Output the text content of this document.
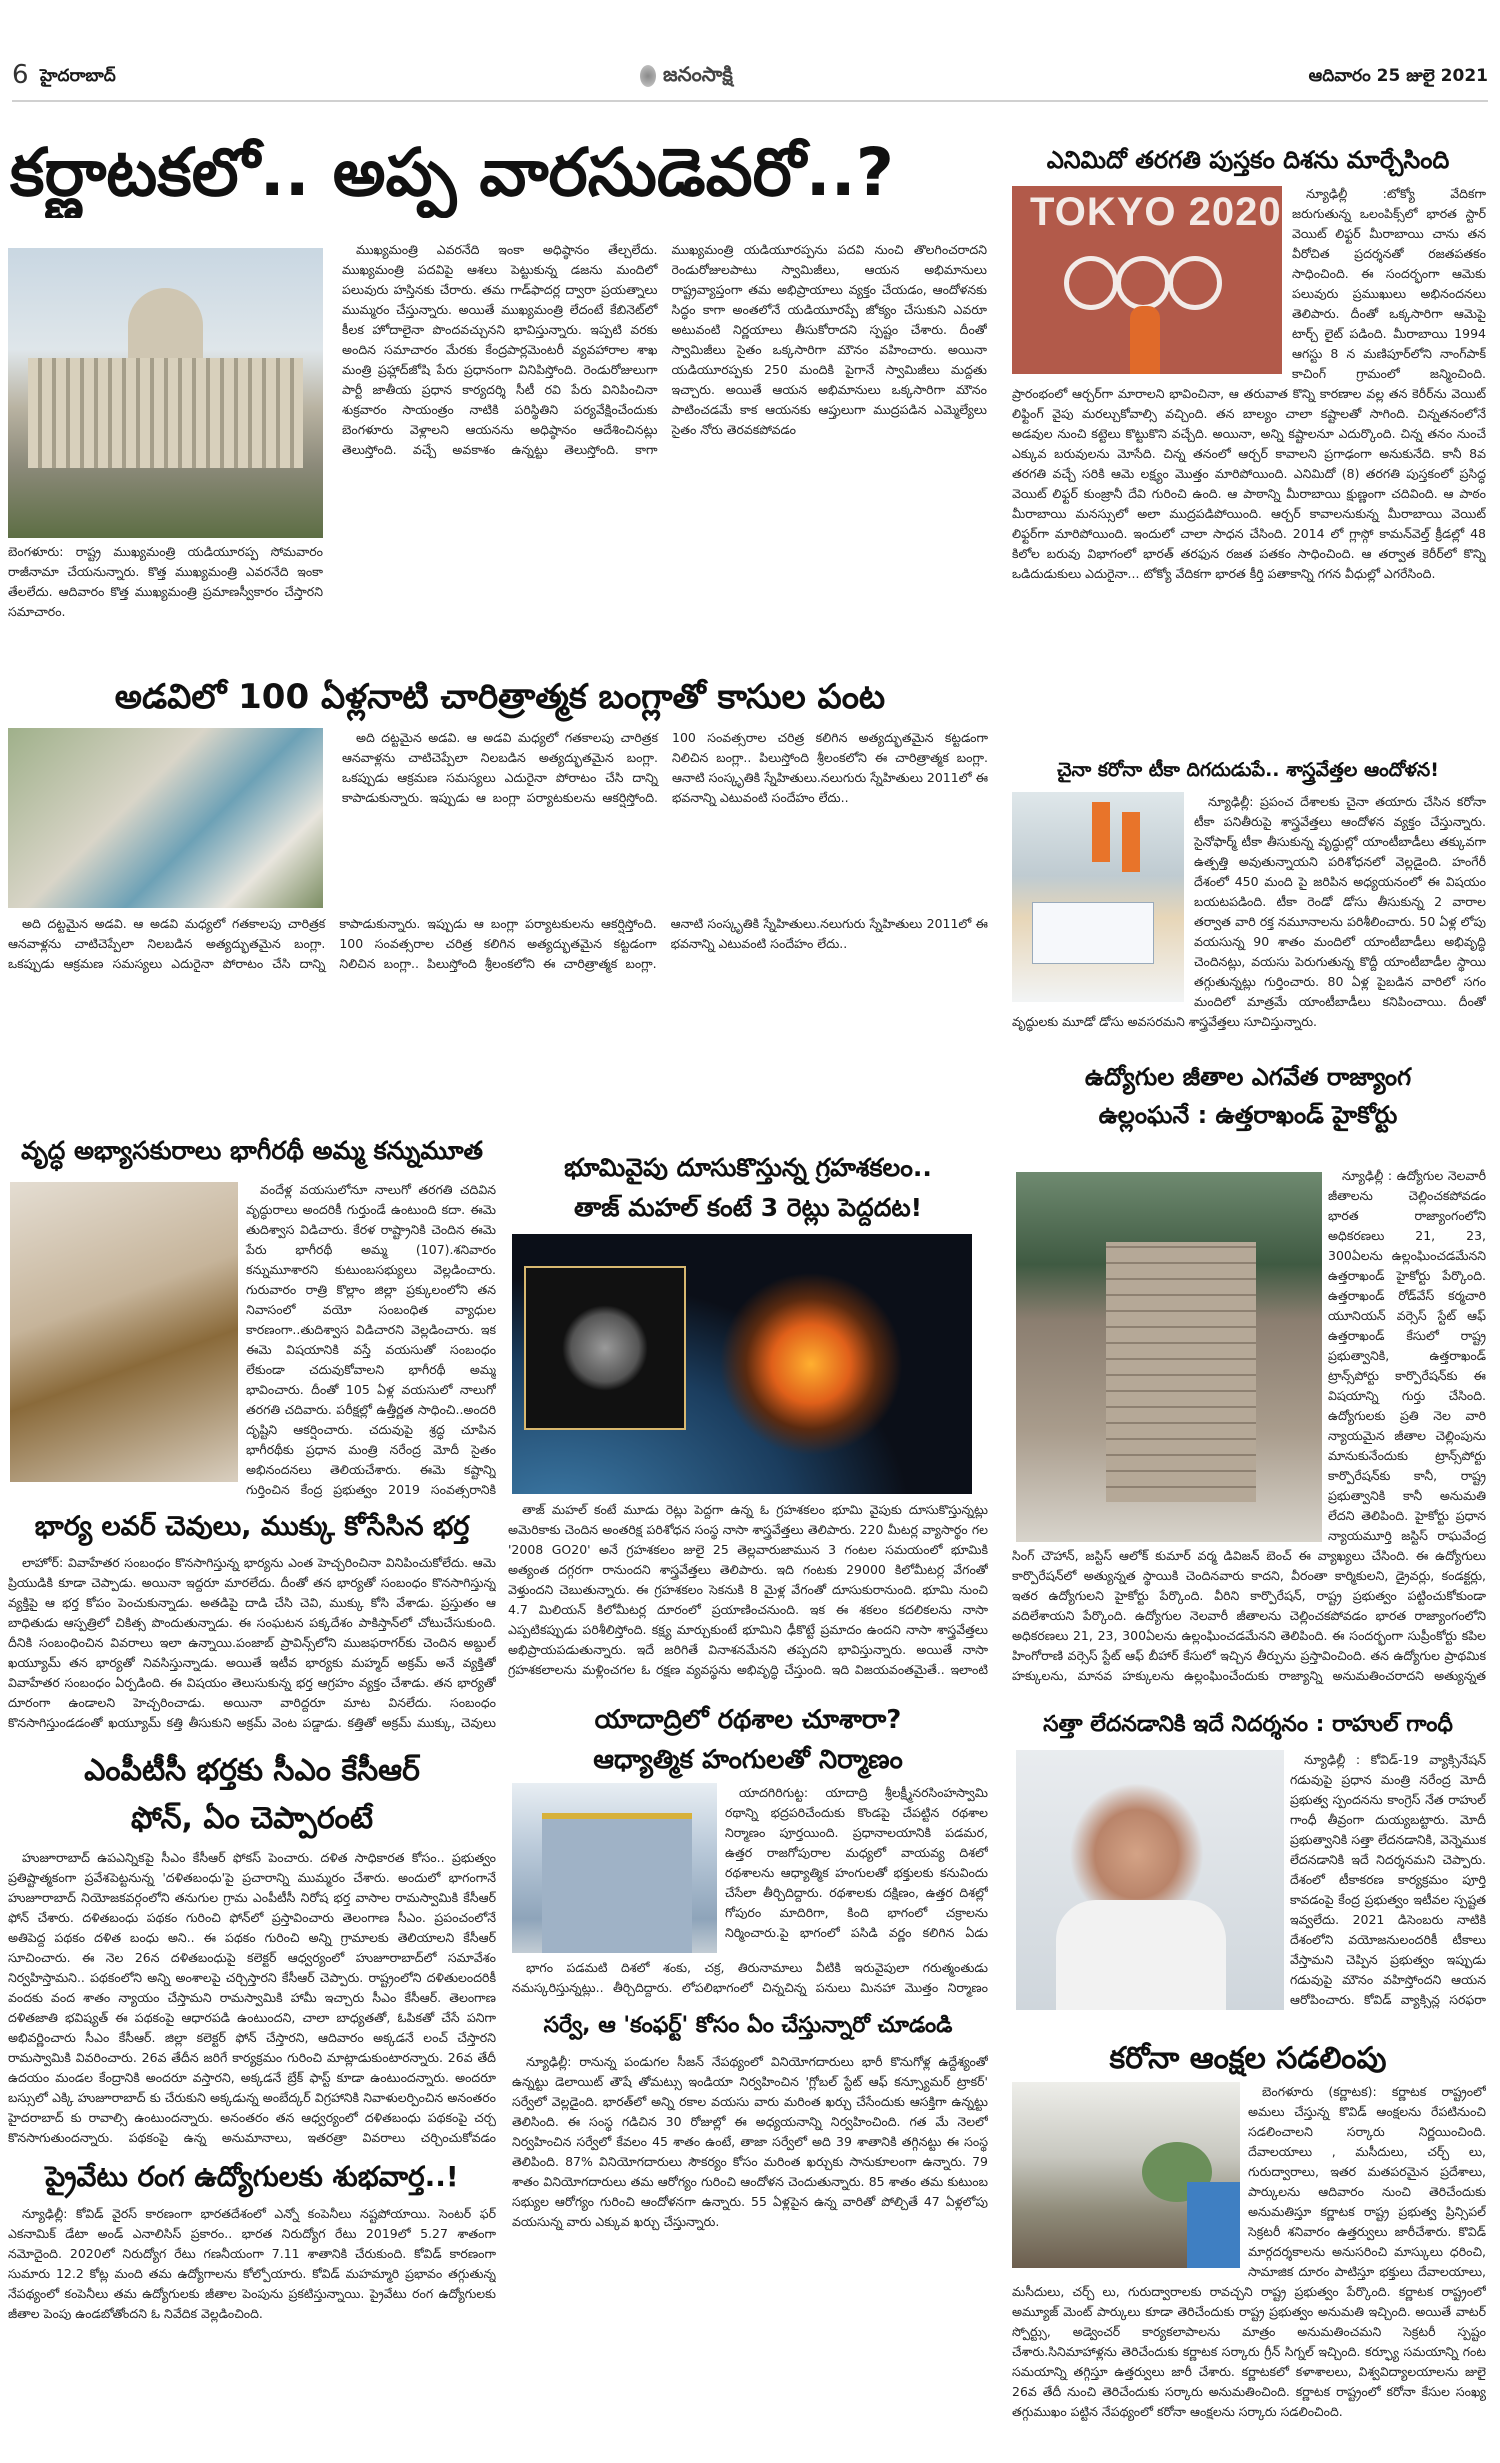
6 హైదరాబాద్	జనంసాక్షి	ఆదివారం 25 జులై 2021
కర్ణాటకలో.. అప్ప వారసుడెవరో..?
బెంగళూరు: రాష్ట్ర ముఖ్యమంత్రి యడియూరప్ప సోమవారం రాజీనామా చేయనున్నారు. కొత్త ముఖ్యమంత్రి ఎవరనేది ఇంకా తేలలేదు. ఆదివారం కొత్త ముఖ్యమంత్రి ప్రమాణస్వీకారం చేస్తారని సమాచారం.

ముఖ్యమంత్రి ఎవరనేది ఇంకా అధిష్ఠానం తేల్చలేదు. ముఖ్యమంత్రి పదవిపై ఆశలు పెట్టుకున్న డజను మందిలో పలువురు హస్తినకు చేరారు. తమ గాడ్‌ఫాదర్ల ద్వారా ప్రయత్నాలు ముమ్మరం చేస్తున్నారు. అయితే ముఖ్యమంత్రి లేదంటే కేబినెట్‌లో కీలక హోదాలైనా పొందవచ్చునని భావిస్తున్నారు. ఇప్పటి వరకు అందిన సమాచారం మేరకు కేంద్రపార్లమెంటరీ వ్యవహారాల శాఖ మంత్రి ప్రహ్లాద్‌జోషి పేరు ప్రధానంగా వినిపిస్తోంది. రెండురోజులుగా పార్టీ జాతీయ ప్రధాన కార్యదర్శి సీటీ రవి పేరు వినిపించినా శుక్రవారం సాయంత్రం నాటికి పరిస్థితిని పర్యవేక్షించేందుకు బెంగళూరు వెళ్లాలని ఆయనను అధిష్ఠానం ఆదేశించినట్లు తెలుస్తోంది. వచ్చే అవకాశం ఉన్నట్టు తెలుస్తోంది. కాగా ముఖ్యమంత్రి యడియూరప్పను పదవి నుంచి తొలగించరాదని రెండురోజులపాటు స్వామిజీలు, ఆయన అభిమానులు రాష్ట్రవ్యాప్తంగా తమ అభిప్రాయాలు వ్యక్తం చేయడం, ఆందోళనకు సిద్ధం కాగా అంతలోనే యడియూరప్పే జోక్యం చేసుకుని ఎవరూ అటువంటి నిర్ణయాలు తీసుకోరాదని స్పష్టం చేశారు. దీంతో స్వామిజీలు సైతం ఒక్కసారిగా మౌనం వహించారు. అయినా యడియూరప్పకు 250 మందికి పైగానే స్వామిజీలు మద్దతు ఇచ్చారు. అయితే ఆయన అభిమానులు ఒక్కసారిగా మౌనం పాటించడమే కాక ఆయనకు ఆప్తులుగా ముద్రపడిన ఎమ్మెల్యేలు సైతం నోరు తెరవకపోవడం

అడవిలో 100 ఏళ్లనాటి చారిత్రాత్మక బంగ్లాతో కాసుల పంట

అది దట్టమైన అడవి. ఆ అడవి మధ్యలో గతకాలపు చారిత్రక ఆనవాళ్లను చాటిచెప్పేలా నిలబడిన అత్యద్భుతమైన బంగ్లా. ఒకప్పుడు ఆక్రమణ సమస్యలు ఎదురైనా పోరాటం చేసి దాన్ని కాపాడుకున్నారు. ఇప్పుడు ఆ బంగ్లా పర్యాటకులను ఆకర్షిస్తోంది. 100 సంవత్సరాల చరిత్ర కలిగిన అత్యద్భుతమైన కట్టడంగా నిలిచిన బంగ్లా.. పిలుస్తోంది శ్రీలంకలోని ఈ చారిత్రాత్మక బంగ్లా. ఆనాటి సంస్కృతికి స్నేహితులు.నలుగురు స్నేహితులు 2011లో ఈ భవనాన్ని ఎటువంటి సందేహం లేదు..

అది దట్టమైన అడవి. ఆ అడవి మధ్యలో గతకాలపు చారిత్రక ఆనవాళ్లను చాటిచెప్పేలా నిలబడిన అత్యద్భుతమైన బంగ్లా. ఒకప్పుడు ఆక్రమణ సమస్యలు ఎదురైనా పోరాటం చేసి దాన్ని కాపాడుకున్నారు. ఇప్పుడు ఆ బంగ్లా పర్యాటకులను ఆకర్షిస్తోంది. 100 సంవత్సరాల చరిత్ర కలిగిన అత్యద్భుతమైన కట్టడంగా నిలిచిన బంగ్లా.. పిలుస్తోంది శ్రీలంకలోని ఈ చారిత్రాత్మక బంగ్లా. ఆనాటి సంస్కృతికి స్నేహితులు.నలుగురు స్నేహితులు 2011లో ఈ భవనాన్ని ఎటువంటి సందేహం లేదు..

వృద్ధ అభ్యాసకురాలు భాగీరథీ అమ్మ కన్నుమూత

వందేళ్ల వయసులోనూ నాలుగో తరగతి చదివిన వృద్ధురాలు అందరికీ గుర్తుండే ఉంటుంది కదా. ఈమె తుదిశ్వాస విడిచారు. కేరళ రాష్ట్రానికి చెందిన ఈమె పేరు భాగీరథీ అమ్మ (107).శనివారం కన్నుమూశారని కుటుంబసభ్యులు వెల్లడించారు. గురువారం రాత్రి కొల్లాం జిల్లా ప్రక్కులంలోని తన నివాసంలో వయో సంబంధిత వ్యాధుల కారణంగా..తుదిశ్వాస విడిచారని వెల్లడించారు. ఇక ఈమె విషయానికి వస్తే వయసుతో సంబంధం లేకుండా చదువుకోవాలని భాగీరథీ అమ్మ భావించారు. దీంతో 105 ఏళ్ల వయసులో నాలుగో తరగతి చదివారు. పరీక్షల్లో ఉత్తీర్ణత సాధించి..అందరి దృష్టిని ఆకర్షించారు. చదువుపై శ్రద్ధ చూపిన భాగీరథీకు ప్రధాన మంత్రి నరేంద్ర మోదీ సైతం అభినందనలు తెలియచేశారు. ఈమె కష్టాన్ని గుర్తించిన కేంద్ర ప్రభుత్వం 2019 సంవత్సరానికి

భార్య లవర్ చెవులు, ముక్కు కోసేసిన భర్త

లాహోర్: వివాహేతర సంబంధం కొనసాగిస్తున్న భార్యను ఎంత హెచ్చరించినా వినిపించుకోలేదు. ఆమె ప్రియుడికి కూడా చెప్పాడు. అయినా ఇద్దరూ మారలేదు. దీంతో తన భార్యతో సంబంధం కొనసాగిస్తున్న వ్యక్తిపై ఆ భర్త కోపం పెంచుకున్నాడు. అతడిపై దాడి చేసి చెవి, ముక్కు కోసి వేశాడు. ప్రస్తుతం ఆ బాధితుడు ఆస్పత్రిలో చికిత్స పొందుతున్నాడు. ఈ సంఘటన పక్కదేశం పాకిస్తాన్‌లో చోటుచేసుకుంది. దీనికి సంబంధించిన వివరాలు ఇలా ఉన్నాయి.పంజాబ్ ప్రావిన్స్‌లోని ముజఫరాగర్‌కు చెందిన అబ్దుల్ ఖయ్యూమ్ తన భార్యతో నివసిస్తున్నాడు. అయితే ఇటీవ భార్యకు మహ్మద్ అక్రమ్ అనే వ్యక్తితో వివాహేతర సంబంధం ఏర్పడింది. ఈ విషయం తెలుసుకున్న భర్త ఆగ్రహం వ్యక్తం చేశాడు. తన భార్యతో దూరంగా ఉండాలని హెచ్చరించాడు. అయినా వారిద్దరూ మాట వినలేదు. సంబంధం కొనసాగిస్తుండడంతో ఖయ్యూమ్ కత్తి తీసుకుని అక్రమ్ వెంట పడ్డాడు. కత్తితో అక్రమ్ ముక్కు, చెవులు

ఎంపీటీసీ భర్తకు సీఎం కేసీఆర్
ఫోన్, ఏం చెప్పారంటే

హుజూరాబాద్ ఉపఎన్నికపై సీఎం కేసీఆర్ ఫోకస్ పెంచారు. దళిత సాధికారత కోసం.. ప్రభుత్వం ప్రతిష్టాత్మకంగా ప్రవేశపెట్టనున్న 'దళితబంధు'పై ప్రచారాన్ని ముమ్మరం చేశారు. అందులో భాగంగానే హుజూరాబాద్ నియోజకవర్గంలోని తనుగుల గ్రామ ఎంపీటీసీ నిరోష భర్త వాసాల రామస్వామికి కేసీఆర్ ఫోన్ చేశారు. దళితబంధు పథకం గురించి ఫోన్‌లో ప్రస్తావించారు తెలంగాణ సీఎం. ప్రపంచంలోనే అతిపెద్ద పథకం దళిత బంధు అని.. ఈ పథకం గురించి అన్ని గ్రామాలకు తెలియాలని కేసీఆర్ సూచించారు. ఈ నెల 26న దళితబంధుపై కలెక్టర్ ఆధ్వర్యంలో హుజూరాబాద్‌లో సమావేశం నిర్వహిస్తామని.. పథకంలోని అన్ని అంశాలపై చర్చిస్తారని కేసీఆర్ చెప్పారు. రాష్ట్రంలోని దళితులందరికీ వందకు వంద శాతం న్యాయం చేస్తామని రామస్వామికి హామీ ఇచ్చారు సీఎం కేసీఆర్. తెలంగాణ దళితజాతి భవిష్యత్ ఈ పథకంపై ఆధారపడి ఉంటుందని, చాలా బాధ్యతతో, ఓపికతో చేసే పనిగా అభివర్ణించారు సీఎం కేసీఆర్. జిల్లా కలెక్టర్ ఫోన్ చేస్తారని, ఆదివారం అక్కడనే లంచ్ చేస్తారని రామస్వామికి వివరించారు. 26వ తేదీన జరిగే కార్యక్రమం గురించి మాట్లాడుకుంటారన్నారు. 26వ తేదీ ఉదయం మండల కేంద్రానికి అందరూ వస్తారని, అక్కడనే బ్రేక్ ఫాస్ట్ కూడా ఉంటుందన్నారు. అందరూ బస్సులో ఎక్కి హుజూరాబాద్ కు చేరుకుని అక్కడున్న అంబేద్కర్ విగ్రహానికి నివాళులర్పించిన అనంతరం హైదరాబాద్ కు రావాల్సి ఉంటుందన్నారు. అనంతరం తన ఆధ్వర్యంలో దళితబంధు పథకంపై చర్చ కొనసాగుతుందన్నారు. పథకంపై ఉన్న అనుమానాలు, ఇతరత్రా వివరాలు చర్చించుకోవడం

ప్రైవేటు రంగ ఉద్యోగులకు శుభవార్త..!

న్యూఢిల్లీ: కోవిడ్ వైరస్ కారణంగా భారతదేశంలో ఎన్నో కంపెనీలు నష్టపోయాయి. సెంటర్ ఫర్ ఎకనామిక్ డేటా అండ్ ఎనాలిసిస్ ప్రకారం.. భారత నిరుద్యోగ రేటు 2019లో 5.27 శాతంగా నమోదైంది. 2020లో నిరుద్యోగ రేటు గణనీయంగా 7.11 శాతానికి చేరుకుంది. కోవిడ్ కారణంగా సుమారు 12.2 కోట్ల మంది తమ ఉద్యోగాలను కోల్పోయారు. కోవిడ్ మహమ్మారి ప్రభావం తగ్గుతున్న నేపథ్యంలో కంపెనీలు తమ ఉద్యోగులకు జీతాల పెంపును ప్రకటిస్తున్నాయి. ప్రైవేటు రంగ ఉద్యోగులకు జీతాల పెంపు ఉండబోతోందని ఓ నివేదిక వెల్లడించింది.

భూమివైపు దూసుకొస్తున్న గ్రహశకలం..
తాజ్ మహల్ కంటే 3 రెట్లు పెద్దదట!

తాజ్ మహల్ కంటే మూడు రెట్లు పెద్దగా ఉన్న ఓ గ్రహశకలం భూమి వైపుకు దూసుకొస్తున్నట్లు అమెరికాకు చెందిన అంతరిక్ష పరిశోధన సంస్థ నాసా శాస్త్రవేత్తలు తెలిపారు. 220 మీటర్ల వ్యాసార్థం గల '2008 GO20' అనే గ్రహశకలం జులై 25 తెల్లవారుజామున 3 గంటల సమయంలో భూమికి అత్యంత దగ్గరగా రానుందని శాస్త్రవేత్తలు తెలిపారు. ఇది గంటకు 29000 కిలోమీటర్ల వేగంతో వెళ్తుందని చెబుతున్నారు. ఈ గ్రహశకలం సెకనుకి 8 మైళ్ల వేగంతో దూసుకురానుంది. భూమి నుంచి 4.7 మిలియన్ కిలోమీటర్ల దూరంలో ప్రయాణించనుంది. ఇక ఈ శకలం కదలికలను నాసా ఎప్పటికప్పుడు పరిశీలిస్తోంది. కక్ష్య మార్చుకుంటే భూమిని ఢీకొట్టే ప్రమాదం ఉందని నాసా శాస్త్రవేత్తలు అభిప్రాయపడుతున్నారు. ఇదే జరిగితే వినాశనమేనని తప్పదని భావిస్తున్నారు. అయితే నాసా గ్రహశకలాలను మళ్లించగల ఓ రక్షణ వ్యవస్థను అభివృద్ధి చేస్తుంది. ఇది విజయవంతమైతే.. ఇలాంటి

యాదాద్రిలో రథశాల చూశారా?
ఆధ్యాత్మిక హంగులతో నిర్మాణం

యాదగిరిగుట్ట: యాదాద్రి శ్రీలక్ష్మీనరసింహస్వామి రథాన్ని భద్రపరిచేందుకు కొండపై చేపట్టిన రథశాల నిర్మాణం పూర్తయింది. ప్రధానాలయానికి పడమర, ఉత్తర రాజగోపురాల మధ్యలో వాయవ్య దిశలో రథశాలను ఆధ్యాత్మిక హంగులతో భక్తులకు కనువిందు చేసేలా తీర్చిదిద్దారు. రథశాలకు దక్షిణం, ఉత్తర దిశల్లో గోపురం మాదిరిగా, కింది భాగంలో చక్రాలను నిర్మించారు.పై భాగంలో పసిడి వర్ణం కలిగిన ఏడు

భాగం పడమటి దిశలో శంకు, చక్ర, తిరునామాలు వీటికి ఇరువైపులా గరుత్మంతుడు నమస్కరిస్తున్నట్లు.. తీర్చిదిద్దారు. లోపలిభాగంలో చిన్నచిన్న పనులు మినహా మొత్తం నిర్మాణం

సర్వే, ఆ 'కంఫర్ట్' కోసం ఏం చేస్తున్నారో చూడండి

న్యూఢిల్లీ: రానున్న పండుగల సీజన్ నేపథ్యంలో వినియోగదారులు భారీ కొనుగోళ్ల ఉద్దేశ్యంతో ఉన్నట్టు డెలాయిట్ తౌషే తోమట్సు ఇండియా నిర్వహించిన 'గ్లోబల్ స్టేట్ ఆఫ్ కన్స్యూమర్ ట్రాకర్' సర్వేలో వెల్లడైంది. భారత్‌లో అన్ని రకాల వయసు వారు మరింత ఖర్చు చేసేందుకు ఆసక్తిగా ఉన్నట్టు తెలిసింది. ఈ సంస్థ గడిచిన 30 రోజుల్లో ఈ అధ్యయనాన్ని నిర్వహించింది. గత మే నెలలో నిర్వహించిన సర్వేలో కేవలం 45 శాతం ఉంటే, తాజా సర్వేలో అది 39 శాతానికి తగ్గినట్టు ఈ సంస్థ తెలిపింది. 87% వినియోగదారులు సౌకర్యం కోసం మరింత ఖర్చుకు సానుకూలంగా ఉన్నారు. 79 శాతం వినియోగదారులు తమ ఆరోగ్యం గురించి ఆందోళన చెందుతున్నారు. 85 శాతం తమ కుటుంబ సభ్యుల ఆరోగ్యం గురించి ఆందోళనగా ఉన్నారు. 55 ఏళ్లపైన ఉన్న వారితో పోల్చితే 47 ఏళ్లలోపు వయసున్న వారు ఎక్కువ ఖర్చు చేస్తున్నారు.

ఎనిమిదో తరగతి పుస్తకం దిశను మార్చేసింది
TOKYO 2020	న్యూఢిల్లీ :టోక్యో వేదికగా జరుగుతున్న ఒలంపిక్స్‌లో భారత స్టార్ వెయిట్ లిఫ్టర్ మీరాబాయి చాను తన వీరోచిత ప్రదర్శనతో రజతపతకం సాధించింది. ఈ సందర్భంగా ఆమెకు పలువురు ప్రముఖులు అభినందనలు తెలిపారు. దీంతో ఒక్కసారిగా ఆమెపై టార్చ్ లైట్ పడింది. మీరాబాయి 1994 ఆగస్టు 8 న మణిపూర్‌లోని నాంగ్‌పాక్ కాచింగ్ గ్రామంలో జన్మించింది. ప్రారంభంలో ఆర్చర్‌గా మారాలని భావించినా, ఆ తరువాత కొన్ని కారణాల వల్ల తన కెరీర్‌ను వెయిట్ లిఫ్టింగ్ వైపు మరల్చుకోవాల్సి వచ్చింది. తన బాల్యం చాలా కష్టాలతో సాగింది. చిన్నతనంలోనే అడవుల నుంచి కట్టెలు కొట్టుకొని వచ్చేది. అయినా, అన్ని కష్టాలనూ ఎదుర్కొంది. చిన్న తనం నుంచే ఎక్కువ బరువులను మోసేది. చిన్న తనంలో ఆర్చర్ కావాలని ప్రగాఢంగా అనుకునేది. కానీ 8వ తరగతి వచ్చే సరికి ఆమె లక్ష్యం మొత్తం మారిపోయింది. ఎనిమిదో (8) తరగతి పుస్తకంలో ప్రసిద్ధ వెయిట్ లిఫ్టర్ కుంజ్రానీ దేవి గురించి ఉంది. ఆ పాఠాన్ని మీరాబాయి క్షుణ్ణంగా చదివింది. ఆ పాఠం మీరాబాయి మనస్సులో అలా ముద్రపడిపోయింది. ఆర్చర్ కావాలనుకున్న మీరాబాయి వెయిట్ లిఫ్టర్‌గా మారిపోయింది. ఇందులో చాలా సాధన చేసింది. 2014 లో గ్లాస్గో కామన్‌వెల్త్ క్రీడల్లో 48 కిలోల బరువు విభాగంలో భారత్ తరఫున రజత పతకం సాధించింది. ఆ తర్వాత కెరీర్‌లో కొన్ని ఒడిదుడుకులు ఎదురైనా... టోక్యో వేదికగా భారత కీర్తి పతాకాన్ని గగన వీధుల్లో ఎగరేసింది.

చైనా కరోనా టీకా దిగదుడుపే.. శాస్త్రవేత్తల ఆందోళన!

న్యూఢిల్లీ: ప్రపంచ దేశాలకు చైనా తయారు చేసిన కరోనా టీకా పనితీరుపై శాస్త్రవేత్తలు ఆందోళన వ్యక్తం చేస్తున్నారు. సైనోఫార్మ్ టీకా తీసుకున్న వృద్ధుల్లో యాంటీబాడీలు తక్కువగా ఉత్పత్తి అవుతున్నాయని పరిశోధనలో వెల్లడైంది. హంగేరీ దేశంలో 450 మంది పై జరిపిన అధ్యయనంలో ఈ విషయం బయటపడింది. టీకా రెండో డోసు తీసుకున్న 2 వారాల తర్వాత వారి రక్త నమూనాలను పరిశీలించారు. 50 ఏళ్ల లోపు వయసున్న 90 శాతం మందిలో యాంటీబాడీలు అభివృద్ధి చెందినట్లు, వయసు పెరుగుతున్న కొద్దీ యాంటీబాడీల స్థాయి తగ్గుతున్నట్లు గుర్తించారు. 80 ఏళ్ల పైబడిన వారిలో సగం మందిలో మాత్రమే యాంటీబాడీలు కనిపించాయి. దీంతో వృద్ధులకు మూడో డోసు అవసరమని శాస్త్రవేత్తలు సూచిస్తున్నారు.

ఉద్యోగుల జీతాల ఎగవేత రాజ్యాంగ
ఉల్లంఘనే : ఉత్తరాఖండ్ హైకోర్టు

న్యూఢిల్లీ : ఉద్యోగుల నెలవారీ జీతాలను చెల్లించకపోవడం భారత రాజ్యాంగంలోని అధికరణలు 21, 23, 300ఏలను ఉల్లంఘించడమేనని ఉత్తరాఖండ్ హైకోర్టు పేర్కొంది. ఉత్తరాఖండ్ రోడ్‌వేస్ కర్మచారి యూనియన్ వర్సెస్ స్టేట్ ఆఫ్ ఉత్తరాఖండ్ కేసులో రాష్ట్ర ప్రభుత్వానికి, ఉత్తరాఖండ్ ట్రాన్స్‌పోర్టు కార్పొరేషన్‌కు ఈ విషయాన్ని గుర్తు చేసింది. ఉద్యోగులకు ప్రతి నెల వారి న్యాయమైన జీతాల చెల్లింపును మానుకునేందుకు ట్రాన్స్‌పోర్టు కార్పొరేషన్‌కు కానీ, రాష్ట్ర ప్రభుత్వానికి కానీ అనుమతి లేదని తెలిపింది. హైకోర్టు ప్రధాన న్యాయమూర్తి జస్టిస్ రాఘవేంద్ర సింగ్ చౌహాన్, జస్టిస్ ఆలోక్ కుమార్ వర్మ డివిజన్ బెంచ్ ఈ వ్యాఖ్యలు చేసింది. ఈ ఉద్యోగులు కార్పొరేషన్‌లో అత్యున్నత స్థాయికి చెందినవారు కాదని, వీరంతా కార్మికులని, డ్రైవర్లు, కండక్టర్లు, ఇతర ఉద్యోగులని హైకోర్టు పేర్కొంది. వీరిని కార్పొరేషన్, రాష్ట్ర ప్రభుత్వం పట్టించుకోకుండా వదిలేశాయని పేర్కొంది. ఉద్యోగుల నెలవారీ జీతాలను చెల్లించకపోవడం భారత రాజ్యాంగంలోని అధికరణలు 21, 23, 300ఏలను ఉల్లంఘించడమేనని తెలిపింది. ఈ సందర్భంగా సుప్రీంకోర్టు కపిల హింగోరాణి వర్సెస్ స్టేట్ ఆఫ్ బీహార్ కేసులో ఇచ్చిన తీర్పును ప్రస్తావించింది. తన ఉద్యోగుల ప్రాథమిక హక్కులను, మానవ హక్కులను ఉల్లంఘించేందుకు రాజ్యాన్ని అనుమతించరాదని అత్యున్నత

సత్తా లేదనడానికి ఇదే నిదర్శనం : రాహుల్ గాంధీ

న్యూఢిల్లీ : కోవిడ్-19 వ్యాక్సినేషన్ గడువుపై ప్రధాన మంత్రి నరేంద్ర మోదీ ప్రభుత్వ స్పందనను కాంగ్రెస్ నేత రాహుల్ గాంధీ తీవ్రంగా దుయ్యబట్టారు. మోదీ ప్రభుత్వానికి సత్తా లేదనడానికి, వెన్నెముక లేదనడానికి ఇదే నిదర్శనమని చెప్పారు. దేశంలో టీకాకరణ కార్యక్రమం పూర్తి కావడంపై కేంద్ర ప్రభుత్వం ఇటీవల స్పష్టత ఇవ్వలేదు. 2021 డిసెంబరు నాటికి దేశంలోని వయోజనులందరికీ టీకాలు వేస్తామని చెప్పిన ప్రభుత్వం ఇప్పుడు గడువుపై మౌనం వహిస్తోందని ఆయన ఆరోపించారు. కోవిడ్ వ్యాక్సిన్ల సరఫరా

కరోనా ఆంక్షల సడలింపు

బెంగళూరు (కర్ణాటక): కర్ణాటక రాష్ట్రంలో అమలు చేస్తున్న కొవిడ్ ఆంక్షలను రేపటినుంచి సడలించాలని సర్కారు నిర్ణయించింది. దేవాలయాలు , మసీదులు, చర్చ్ లు, గురుద్వారాలు, ఇతర మతపరమైన ప్రదేశాలు, పార్కులను ఆదివారం నుంచి తెరిచేందుకు అనుమతిస్తూ కర్ణాటక రాష్ట్ర ప్రభుత్వ ప్రిన్సిపల్ సెక్రటరీ శనివారం ఉత్తర్వులు జారీచేశారు. కొవిడ్ మార్గదర్శకాలను అనుసరించి మాస్కులు ధరించి, సామాజిక దూరం పాటిస్తూ భక్తులు దేవాలయాలు, మసీదులు, చర్చ్ లు, గురుద్వారాలకు రావచ్చని రాష్ట్ర ప్రభుత్వం పేర్కొంది. కర్ణాటక రాష్ట్రంలో అమ్యూజ్ మెంట్ పార్కులు కూడా తెరిచేందుకు రాష్ట్ర ప్రభుత్వం అనుమతి ఇచ్చింది. అయితే వాటర్ స్పోర్ట్సు, అడ్వెంచర్ కార్యకలాపాలను మాత్రం అనుమతించమని సెక్రటరీ స్పష్టం చేశారు.సినిమాహాళ్లను తెరిచేందుకు కర్ణాటక సర్కారు గ్రీన్ సిగ్నల్ ఇచ్చింది. కర్ఫ్యూ సమయాన్ని గంట సమయాన్ని తగ్గిస్తూ ఉత్తర్వులు జారీ చేశారు. కర్ణాటకలో కళాశాలలు, విశ్వవిద్యాలయాలను జులై 26వ తేదీ నుంచి తెరిచేందుకు సర్కారు అనుమతించింది. కర్ణాటక రాష్ట్రంలో కరోనా కేసుల సంఖ్య తగ్గుముఖం పట్టిన నేపథ్యంలో కరోనా ఆంక్షలను సర్కారు సడలించింది.
